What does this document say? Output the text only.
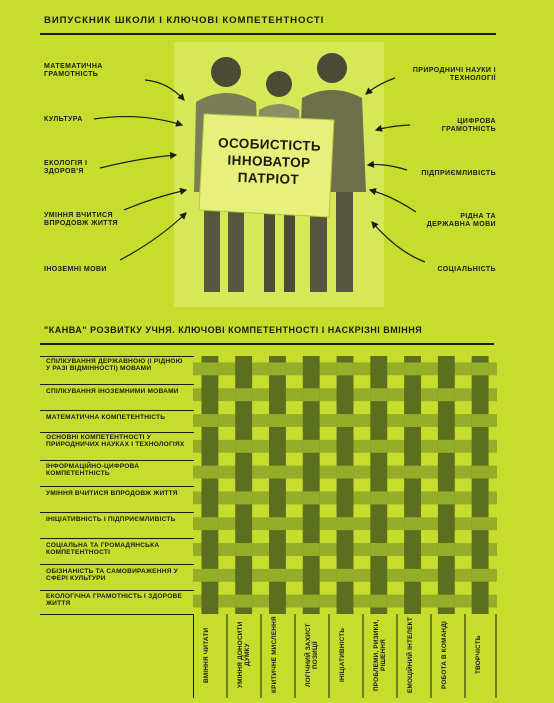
ВИПУСКНИК ШКОЛИ І КЛЮЧОВІ КОМПЕТЕНТНОСТІ
ОСОБИСТІСТЬ
ІННОВАТОР
ПАТРІОТ
МАТЕМАТИЧНА ГРАМОТНІСТЬ
КУЛЬТУРА
ЕКОЛОГІЯ І ЗДОРОВ'Я
УМІННЯ ВЧИТИСЯ ВПРОДОВЖ ЖИТТЯ
ІНОЗЕМНІ МОВИ
ПРИРОДНИЧІ НАУКИ І ТЕХНОЛОГІЇ
ЦИФРОВА ГРАМОТНІСТЬ
ПІДПРИЄМЛИВІСТЬ
РІДНА ТА ДЕРЖАВНА МОВИ
СОЦІАЛЬНІСТЬ
"КАНВА" РОЗВИТКУ УЧНЯ. КЛЮЧОВІ КОМПЕТЕНТНОСТІ І НАСКРІЗНІ ВМІННЯ
СПІЛКУВАННЯ ДЕРЖАВНОЮ (І РІДНОЮ У РАЗІ ВІДМІННОСТІ) МОВАМИ
СПІЛКУВАННЯ ІНОЗЕМНИМИ МОВАМИ
МАТЕМАТИЧНА КОМПЕТЕНТНІСТЬ
ОСНОВНІ КОМПЕТЕНТНОСТІ У ПРИРОДНИЧИХ НАУКАХ І ТЕХНОЛОГІЯХ
ІНФОРМАЦІЙНО-ЦИФРОВА КОМПЕТЕНТНІСТЬ
УМІННЯ ВЧИТИСЯ ВПРОДОВЖ ЖИТТЯ
ІНІЦІАТИВНІСТЬ І ПІДПРИЄМЛИВІСТЬ
СОЦІАЛЬНА ТА ГРОМАДЯНСЬКА КОМПЕТЕНТНОСТІ
ОБІЗНАНІСТЬ ТА САМОВИРАЖЕННЯ У СФЕРІ КУЛЬТУРИ
ЕКОЛОГІЧНА ГРАМОТНІСТЬ І ЗДОРОВЕ ЖИТТЯ
ВМІННЯ ЧИТАТИ	УМІННЯ ДОНОСИТИ ДУМКУ	КРИТИЧНЕ МИСЛЕННЯ	ЛОГІЧНИЙ ЗАХИСТ ПОЗИЦІЇ	ІНІЦІАТИВНІСТЬ	ПРОБЛЕМИ, РИЗИКИ, РІШЕННЯ	ЕМОЦІЙНИЙ ІНТЕЛЕКТ	РОБОТА В КОМАНДІ	ТВОРЧІСТЬ
